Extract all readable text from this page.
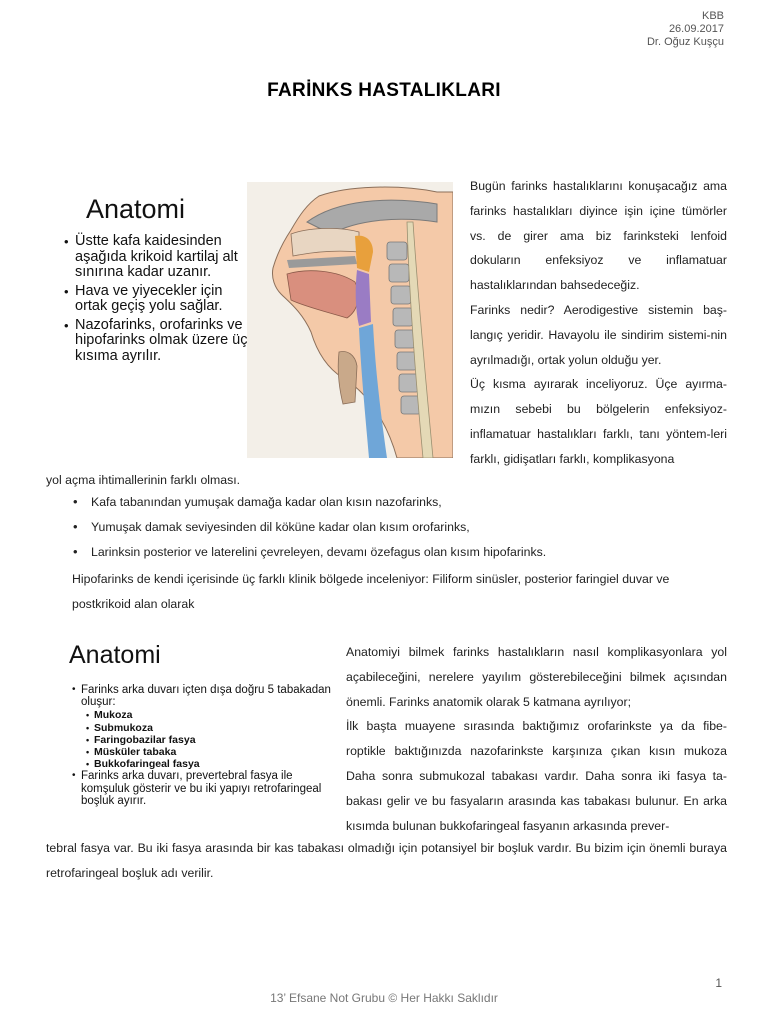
KBB
26.09.2017
Dr. Oğuz Kuşçu
FARİNKS HASTALIKLARI
Anatomi
• Üstte kafa kaidesinden aşağıda krikoid kartilaj alt sınırına kadar uzanır.
• Hava ve yiyecekler için ortak geçiş yolu sağlar.
• Nazofarinks, orofarinks ve hipofarinks olmak üzere üç kısıma ayrılır.
Bugün farinks hastalıklarını konuşacağız ama farinks hastalıkları diyince işin içine tümörler vs. de girer ama biz farinksteki lenfoid dokuların enfeksiyoz ve inflamatuar hastalıklarından bahsedeceğiz.
Farinks nedir? Aerodigestive sistemin baş-langıç yeridir. Havayolu ile sindirim sistemi-nin ayrılmadığı, ortak yolun olduğu yer.
Üç kısma ayırarak inceliyoruz. Üçe ayırma-mızın sebebi bu bölgelerin enfeksiyoz-inflamatuar hastalıkları farklı, tanı yöntem-leri farklı, gidişatları farklı, komplikasyona
yol açma ihtimallerinin farklı olması.
• Kafa tabanından yumuşak damağa kadar olan kısın nazofarinks,
• Yumuşak damak seviyesinden dil köküne kadar olan kısım orofarinks,
• Larinksin posterior ve laterelini çevreleyen, devamı özefagus olan kısım hipofarinks.
Hipofarinks de kendi içerisinde üç farklı klinik bölgede inceleniyor: Filiform sinüsler, posterior faringiel duvar ve postkrikoid alan olarak
Anatomi
• Farinks arka duvarı içten dışa doğru 5 tabakadan oluşur:
• Mukoza
• Submukoza
• Faringobazilar fasya
• Müsküler tabaka
• Bukkofaringeal fasya
• Farinks arka duvarı, prevertebral fasya ile komşuluk gösterir ve bu iki yapıyı retrofaringeal boşluk ayırır.
Anatomiyi bilmek farinks hastalıkların nasıl komplikasyonlara yol açabileceğini, nerelere yayılım gösterebileceğini bilmek açısından önemli. Farinks anatomik olarak 5 katmana ayrılıyor;
İlk başta muayene sırasında baktığımız orofarinkste ya da fibe-roptikle baktığınızda nazofarinkste karşınıza çıkan kısın mukoza Daha sonra submukozal tabakası vardır. Daha sonra iki fasya ta-bakası gelir ve bu fasyaların arasında kas tabakası bulunur. En arka kısımda bulunan bukkofaringeal fasyanın arkasında prever-
tebral fasya var. Bu iki fasya arasında bir kas tabakası olmadığı için potansiyel bir boşluk vardır. Bu bizim için önemli buraya retrofaringeal boşluk adı verilir.
1
13’ Efsane Not Grubu © Her Hakkı Saklıdır
